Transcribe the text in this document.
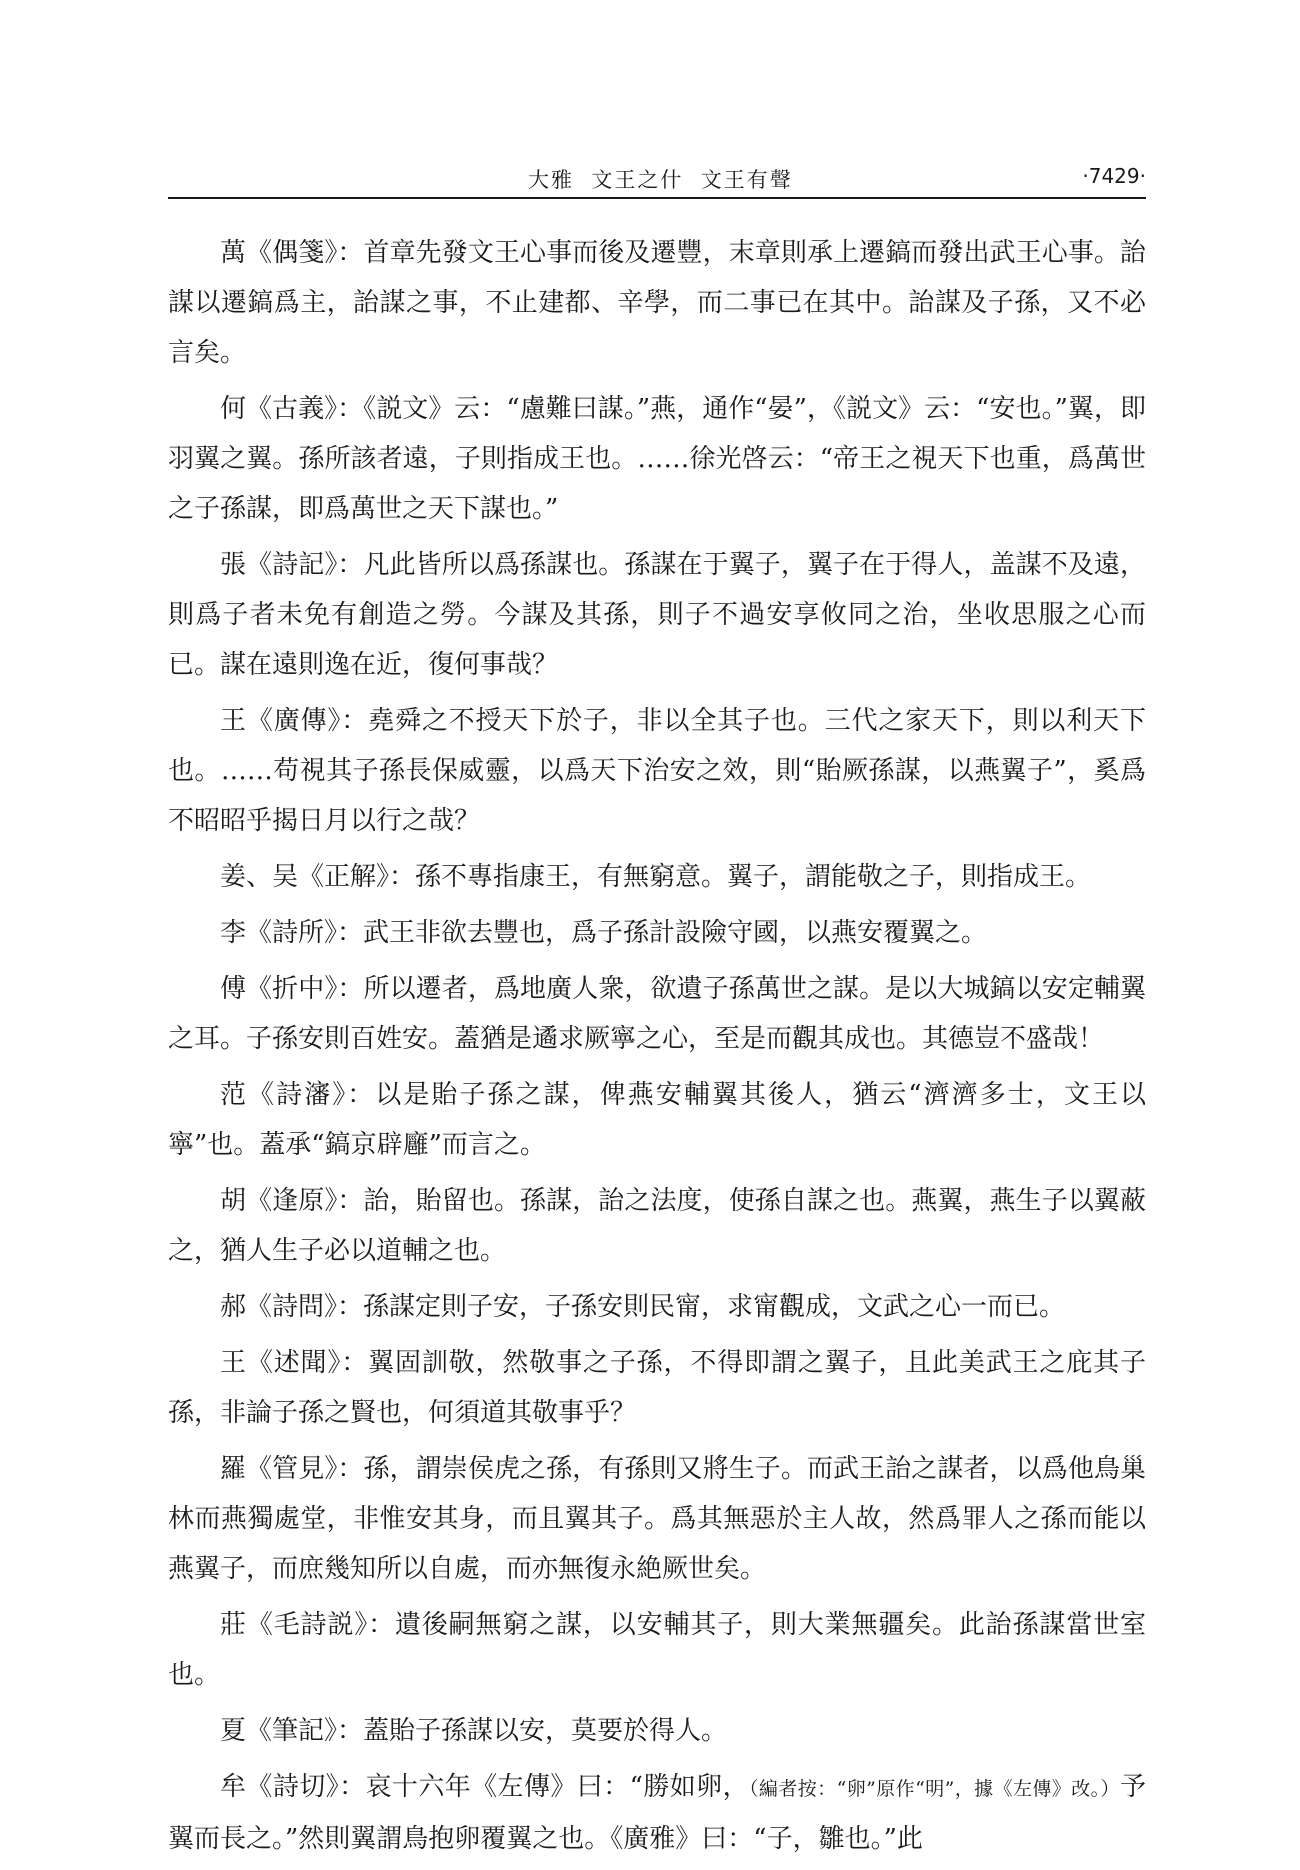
大雅  文王之什  文王有聲	·7429·

萬《偶箋》：首章先發文王心事而後及遷豐，末章則承上遷鎬而發出武王心事。詒謀以遷鎬爲主，詒謀之事，不止建都、辛學，而二事已在其中。詒謀及子孫，又不必言矣。

何《古義》：《説文》云：“慮難曰謀。”燕，通作“晏”，《説文》云：“安也。”翼，即羽翼之翼。孫所該者遠，子則指成王也。……徐光啓云：“帝王之視天下也重，爲萬世之子孫謀，即爲萬世之天下謀也。”

張《詩記》：凡此皆所以爲孫謀也。孫謀在于翼子，翼子在于得人，盖謀不及遠，則爲子者未免有創造之勞。今謀及其孫，則子不過安享攸同之治，坐收思服之心而已。謀在遠則逸在近，復何事哉？

王《廣傳》：堯舜之不授天下於子，非以全其子也。三代之家天下，則以利天下也。……苟視其子孫長保威靈，以爲天下治安之效，則“貽厥孫謀，以燕翼子”，奚爲不昭昭乎揭日月以行之哉？

姜、吴《正解》：孫不專指康王，有無窮意。翼子，謂能敬之子，則指成王。

李《詩所》：武王非欲去豐也，爲子孫計設險守國，以燕安覆翼之。

傅《折中》：所以遷者，爲地廣人衆，欲遺子孫萬世之謀。是以大城鎬以安定輔翼之耳。子孫安則百姓安。蓋猶是遹求厥寧之心，至是而觀其成也。其德豈不盛哉！

范《詩瀋》：以是貽子孫之謀，俾燕安輔翼其後人，猶云“濟濟多士，文王以寧”也。蓋承“鎬京辟廱”而言之。

胡《逢原》：詒，貽留也。孫謀，詒之法度，使孫自謀之也。燕翼，燕生子以翼蔽之，猶人生子必以道輔之也。

郝《詩問》：孫謀定則子安，子孫安則民甯，求甯觀成，文武之心一而已。

王《述聞》：翼固訓敬，然敬事之子孫，不得即謂之翼子，且此美武王之庇其子孫，非論子孫之賢也，何須道其敬事乎？

羅《管見》：孫，謂崇侯虎之孫，有孫則又將生子。而武王詒之謀者，以爲他鳥巢林而燕獨處堂，非惟安其身，而且翼其子。爲其無惡於主人故，然爲罪人之孫而能以燕翼子，而庶幾知所以自處，而亦無復永絶厥世矣。

莊《毛詩説》：遺後嗣無窮之謀，以安輔其子，則大業無疆矣。此詒孫謀當世室也。

夏《筆記》：蓋貽子孫謀以安，莫要於得人。

牟《詩切》：哀十六年《左傳》曰：“勝如卵，（編者按：“卵”原作“明”，據《左傳》改。）予翼而長之。”然則翼謂鳥抱卵覆翼之也。《廣雅》曰：“子，雛也。”此
